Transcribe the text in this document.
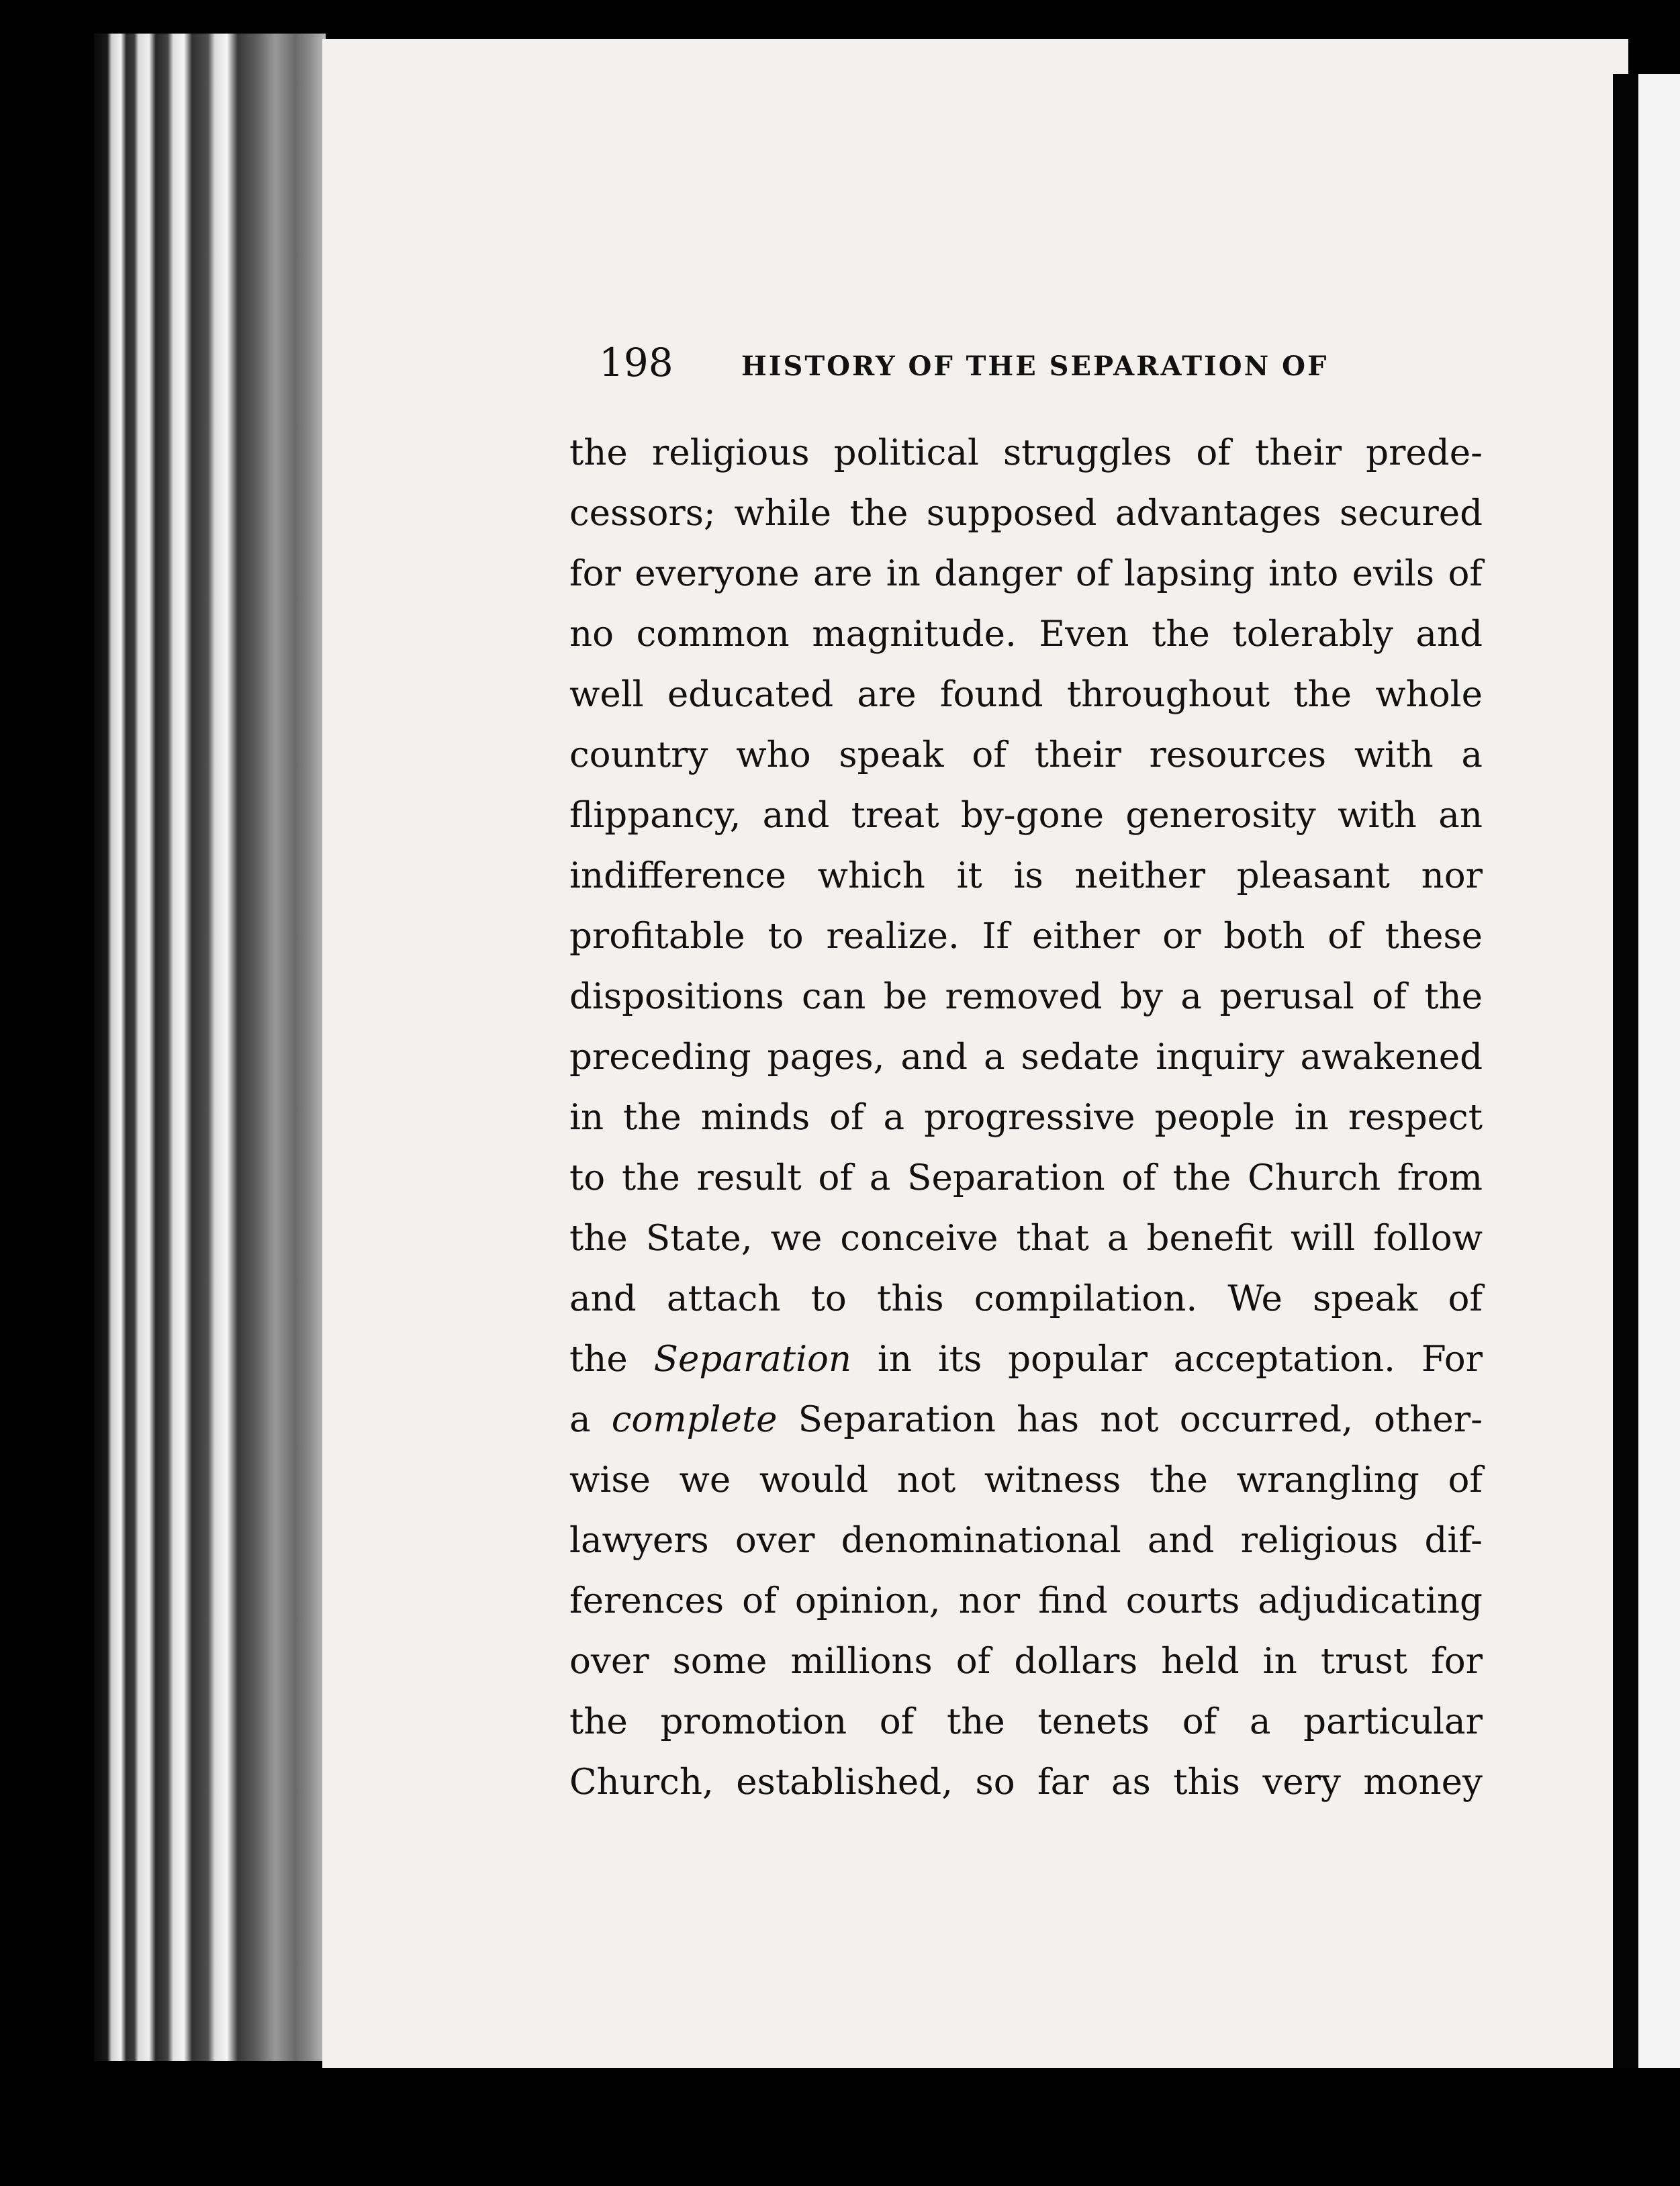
198	HISTORY OF THE SEPARATION OF
the religious political struggles of their prede-
cessors; while the supposed advantages secured
for everyone are in danger of lapsing into evils of
no common magnitude. Even the tolerably and
well educated are found throughout the whole
country who speak of their resources with a
flippancy, and treat by-gone generosity with an
indifference which it is neither pleasant nor
profitable to realize. If either or both of these
dispositions can be removed by a perusal of the
preceding pages, and a sedate inquiry awakened
in the minds of a progressive people in respect
to the result of a Separation of the Church from
the State, we conceive that a benefit will follow
and attach to this compilation. We speak of
the Separation in its popular acceptation. For
a complete Separation has not occurred, other-
wise we would not witness the wrangling of
lawyers over denominational and religious dif-
ferences of opinion, nor find courts adjudicating
over some millions of dollars held in trust for
the promotion of the tenets of a particular
Church, established, so far as this very money
